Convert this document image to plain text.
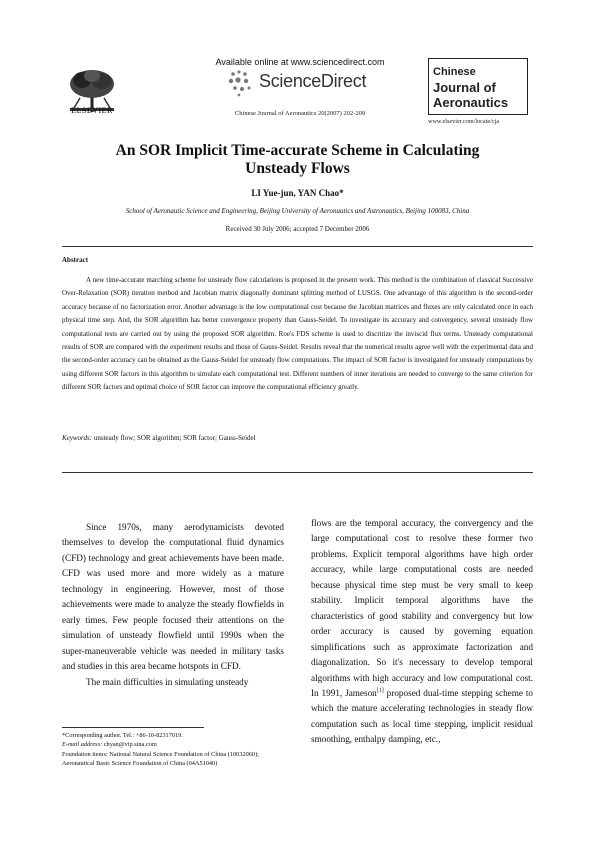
ELSEVIER
Available online at www.sciencedirect.com
ScienceDirect
Chinese Journal of Aeronautics 20(2007) 202-209
Chinese
Journal of
Aeronautics
www.elsevier.com/locate/cja
An SOR Implicit Time-accurate Scheme in Calculating
Unsteady Flows
LI Yue-jun, YAN Chao*
School of Aeronautic Science and Engineering, Beijing University of Aeronautics and Astronautics, Beijing 100083, China
Received 30 July 2006; accepted 7 December 2006
Abstract
A new time-accurate marching scheme for unsteady flow calculations is proposed in the present work. This method is the combination of classical Successive Over-Relaxation (SOR) iteration method and Jacobian matrix diagonally dominant splitting method of LUSGS. One advantage of this algorithm is the second-order accuracy because of no factorization error. Another advantage is the low computational cost because the Jacobian matrices and fluxes are only calculated once in each physical time step. And, the SOR algorithm has better convergence property than Gauss-Seidel. To investigate its accuracy and convergency, several unsteady flow computational tests are carried out by using the proposed SOR algorithm. Roe's FDS scheme is used to discritize the inviscid flux terms. Unsteady computational results of SOR are compared with the experiment results and those of Gauss-Seidel. Results reveal that the numerical results agree well with the experimental data and the second-order accuracy can be obtained as the Gauss-Seidel for unsteady flow computations. The impact of SOR factor is investigated for unsteady computations by using different SOR factors in this algorithm to simulate each computational test. Different numbers of inner iterations are needed to converge to the same criterion for different SOR factors and optimal choice of SOR factor can improve the computational efficiency greatly.
Keywords: unsteady flow; SOR algorithm; SOR factor; Gauss-Seidel

Since 1970s, many aerodynamicists devoted themselves to develop the computational fluid dynamics (CFD) technology and great achievements have been made. CFD was used more and more widely as a mature technology in engineering. However, most of those achievements were made to analyze the steady flowfields in early times. Few people focused their attentions on the simulation of unsteady flowfield until 1990s when the super-maneuverable vehicle was needed in military tasks and studies in this area became hotspots in CFD.

The main difficulties in simulating unsteady

flows are the temporal accuracy, the convergency and the large computational cost to resolve these former two problems. Explicit temporal algorithms have high order accuracy, while large computational costs are needed because physical time step must be very small to keep stability. Implicit temporal algorithms have the characteristics of good stability and convergency but low order accuracy is caused by governing equation simplifications such as approximate factorization and diagonalization. So it's necessary to develop temporal algorithms with high accuracy and low computational cost. In 1991, Jameson[1] proposed dual-time stepping scheme to which the mature accelerating technologies in steady flow computation such as local time stepping, implicit residual smoothing, enthalpy damping, etc.,

*Corresponding author. Tel.: +86-10-82317019.
E-mail address: chyan@vip.sina.com
Foundation items: National Natural Science Foundation of China (10032060); Aeronautical Basic Science Foundation of China (04A51040)
